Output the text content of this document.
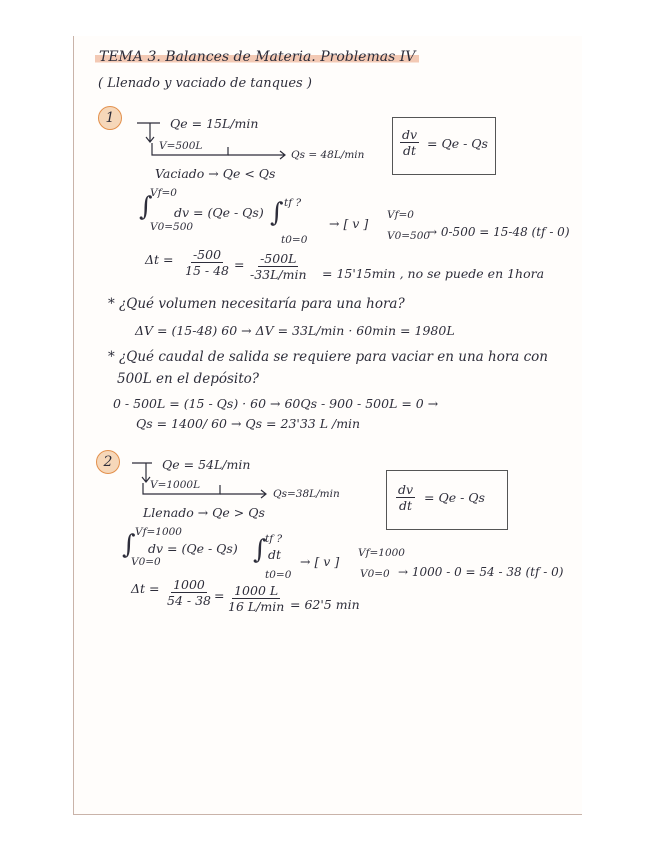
TEMA 3. Balances de Materia. Problemas IV
( Llenado y vaciado de tanques )
1	Qe = 15L/min
V=500L
Qs = 48L/min	$\frac{dv}{dt} = Qe - Qs$
Vaciado → Qe < Qs
∫
Vf=0
V0=500
dv = (Qe - Qs) ∫ tf ?
t0=0
→ [ v ]
Vf=0
V0=500
→ 0-500 = 15-48 (tf - 0)
$\Delta t = \frac{-500}{15 - 48} = -500L$
-33L/min = 15'15min , no se puede en 1hora
* ¿Qué volumen necesitaría para una hora?
ΔV = (15-48) 60 → ΔV = 33L/min · 60min = 1980L
* ¿Qué caudal de salida se requiere para vaciar en una hora con
500L en el depósito?
0 - 500L = (15 - Qs) · 60 → 60Qs - 900 - 500L = 0 →
Qs = 1400/ 60 → Qs = 23'33 L /min
2	Qe = 54L/min
V=1000L
Qs=38L/min	$\frac{dv}{dt} = Qe - Qs$
Llenado → Qe > Qs
∫ Vf=1000
V0=0
dv = (Qe - Qs) ∫
tf ?
dt
t0=0
→ [ v ]
Vf=1000
V0=0 → 1000 - 0 = 54 - 38 (tf - 0)
$\Delta t = \frac{1000}{54 - 38} = 1000$ L
16 L/min = 62'5 min
